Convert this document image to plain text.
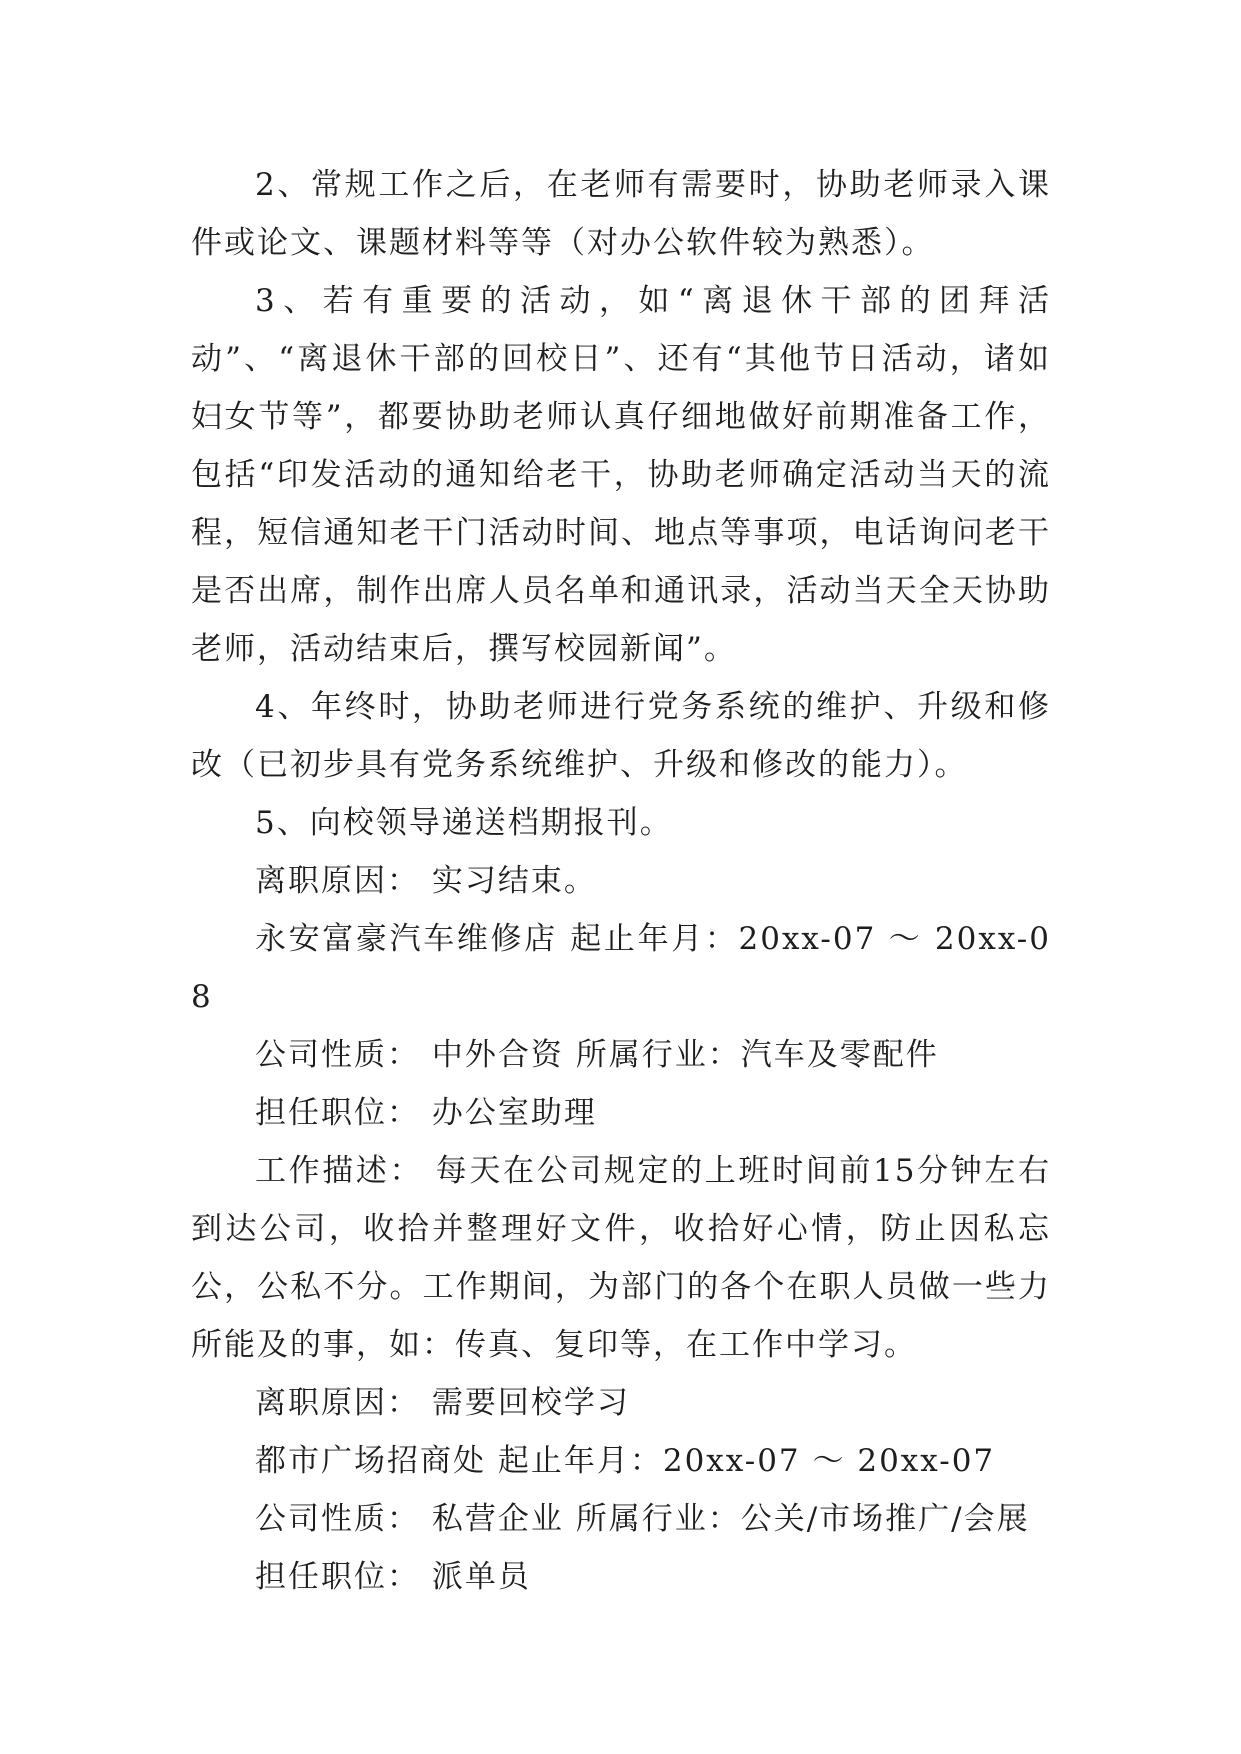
2、常规工作之后，在老师有需要时，协助老师录入课件或论文、课题材料等等（对办公软件较为熟悉）。

3、若有重要的活动，如“离退休干部的团拜活动”、“离退休干部的回校日”、还有“其他节日活动，诸如妇女节等”，都要协助老师认真仔细地做好前期准备工作，包括“印发活动的通知给老干，协助老师确定活动当天的流程，短信通知老干门活动时间、地点等事项，电话询问老干是否出席，制作出席人员名单和通讯录，活动当天全天协助老师，活动结束后，撰写校园新闻”。

4、年终时，协助老师进行党务系统的维护、升级和修改（已初步具有党务系统维护、升级和修改的能力）。

5、向校领导递送档期报刊。

离职原因： 实习结束。

永安富豪汽车维修店 起止年月：20xx-07 ～ 20xx-08

公司性质： 中外合资 所属行业：汽车及零配件

担任职位： 办公室助理

工作描述： 每天在公司规定的上班时间前15分钟左右到达公司，收拾并整理好文件，收拾好心情，防止因私忘公，公私不分。工作期间，为部门的各个在职人员做一些力所能及的事，如：传真、复印等，在工作中学习。

离职原因： 需要回校学习

都市广场招商处 起止年月：20xx-07 ～ 20xx-07

公司性质： 私营企业 所属行业：公关/市场推广/会展

担任职位： 派单员
